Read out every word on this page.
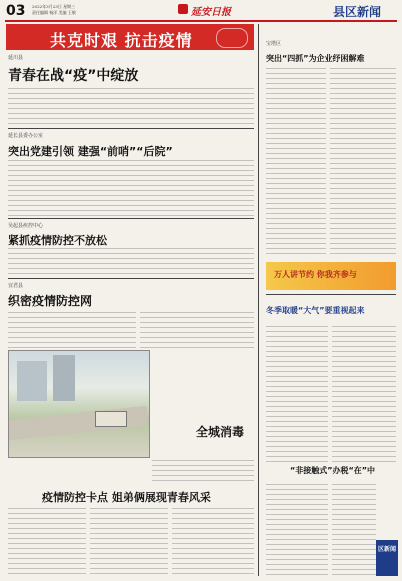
03 2022年3月23日 星期三
责任编辑 杨洋 美编 王敏	延安日报	县区新闻
共克时艰 抗击疫情
延川县
青春在战“疫”中绽放
延长县委办公室
突出党建引领 建强“前哨”“后院”
吴起县疾控中心
紧抓疫情防控不放松
宜君县
织密疫情防控网
全城消毒
疫情防控卡点 姐弟俩展现青春风采
宝塔区
突出“四抓”为企业纾困解难
万人讲节约 你我齐参与
冬季取暖“大气”要重视起来
“非接触式”办税“在”中
区新闻
